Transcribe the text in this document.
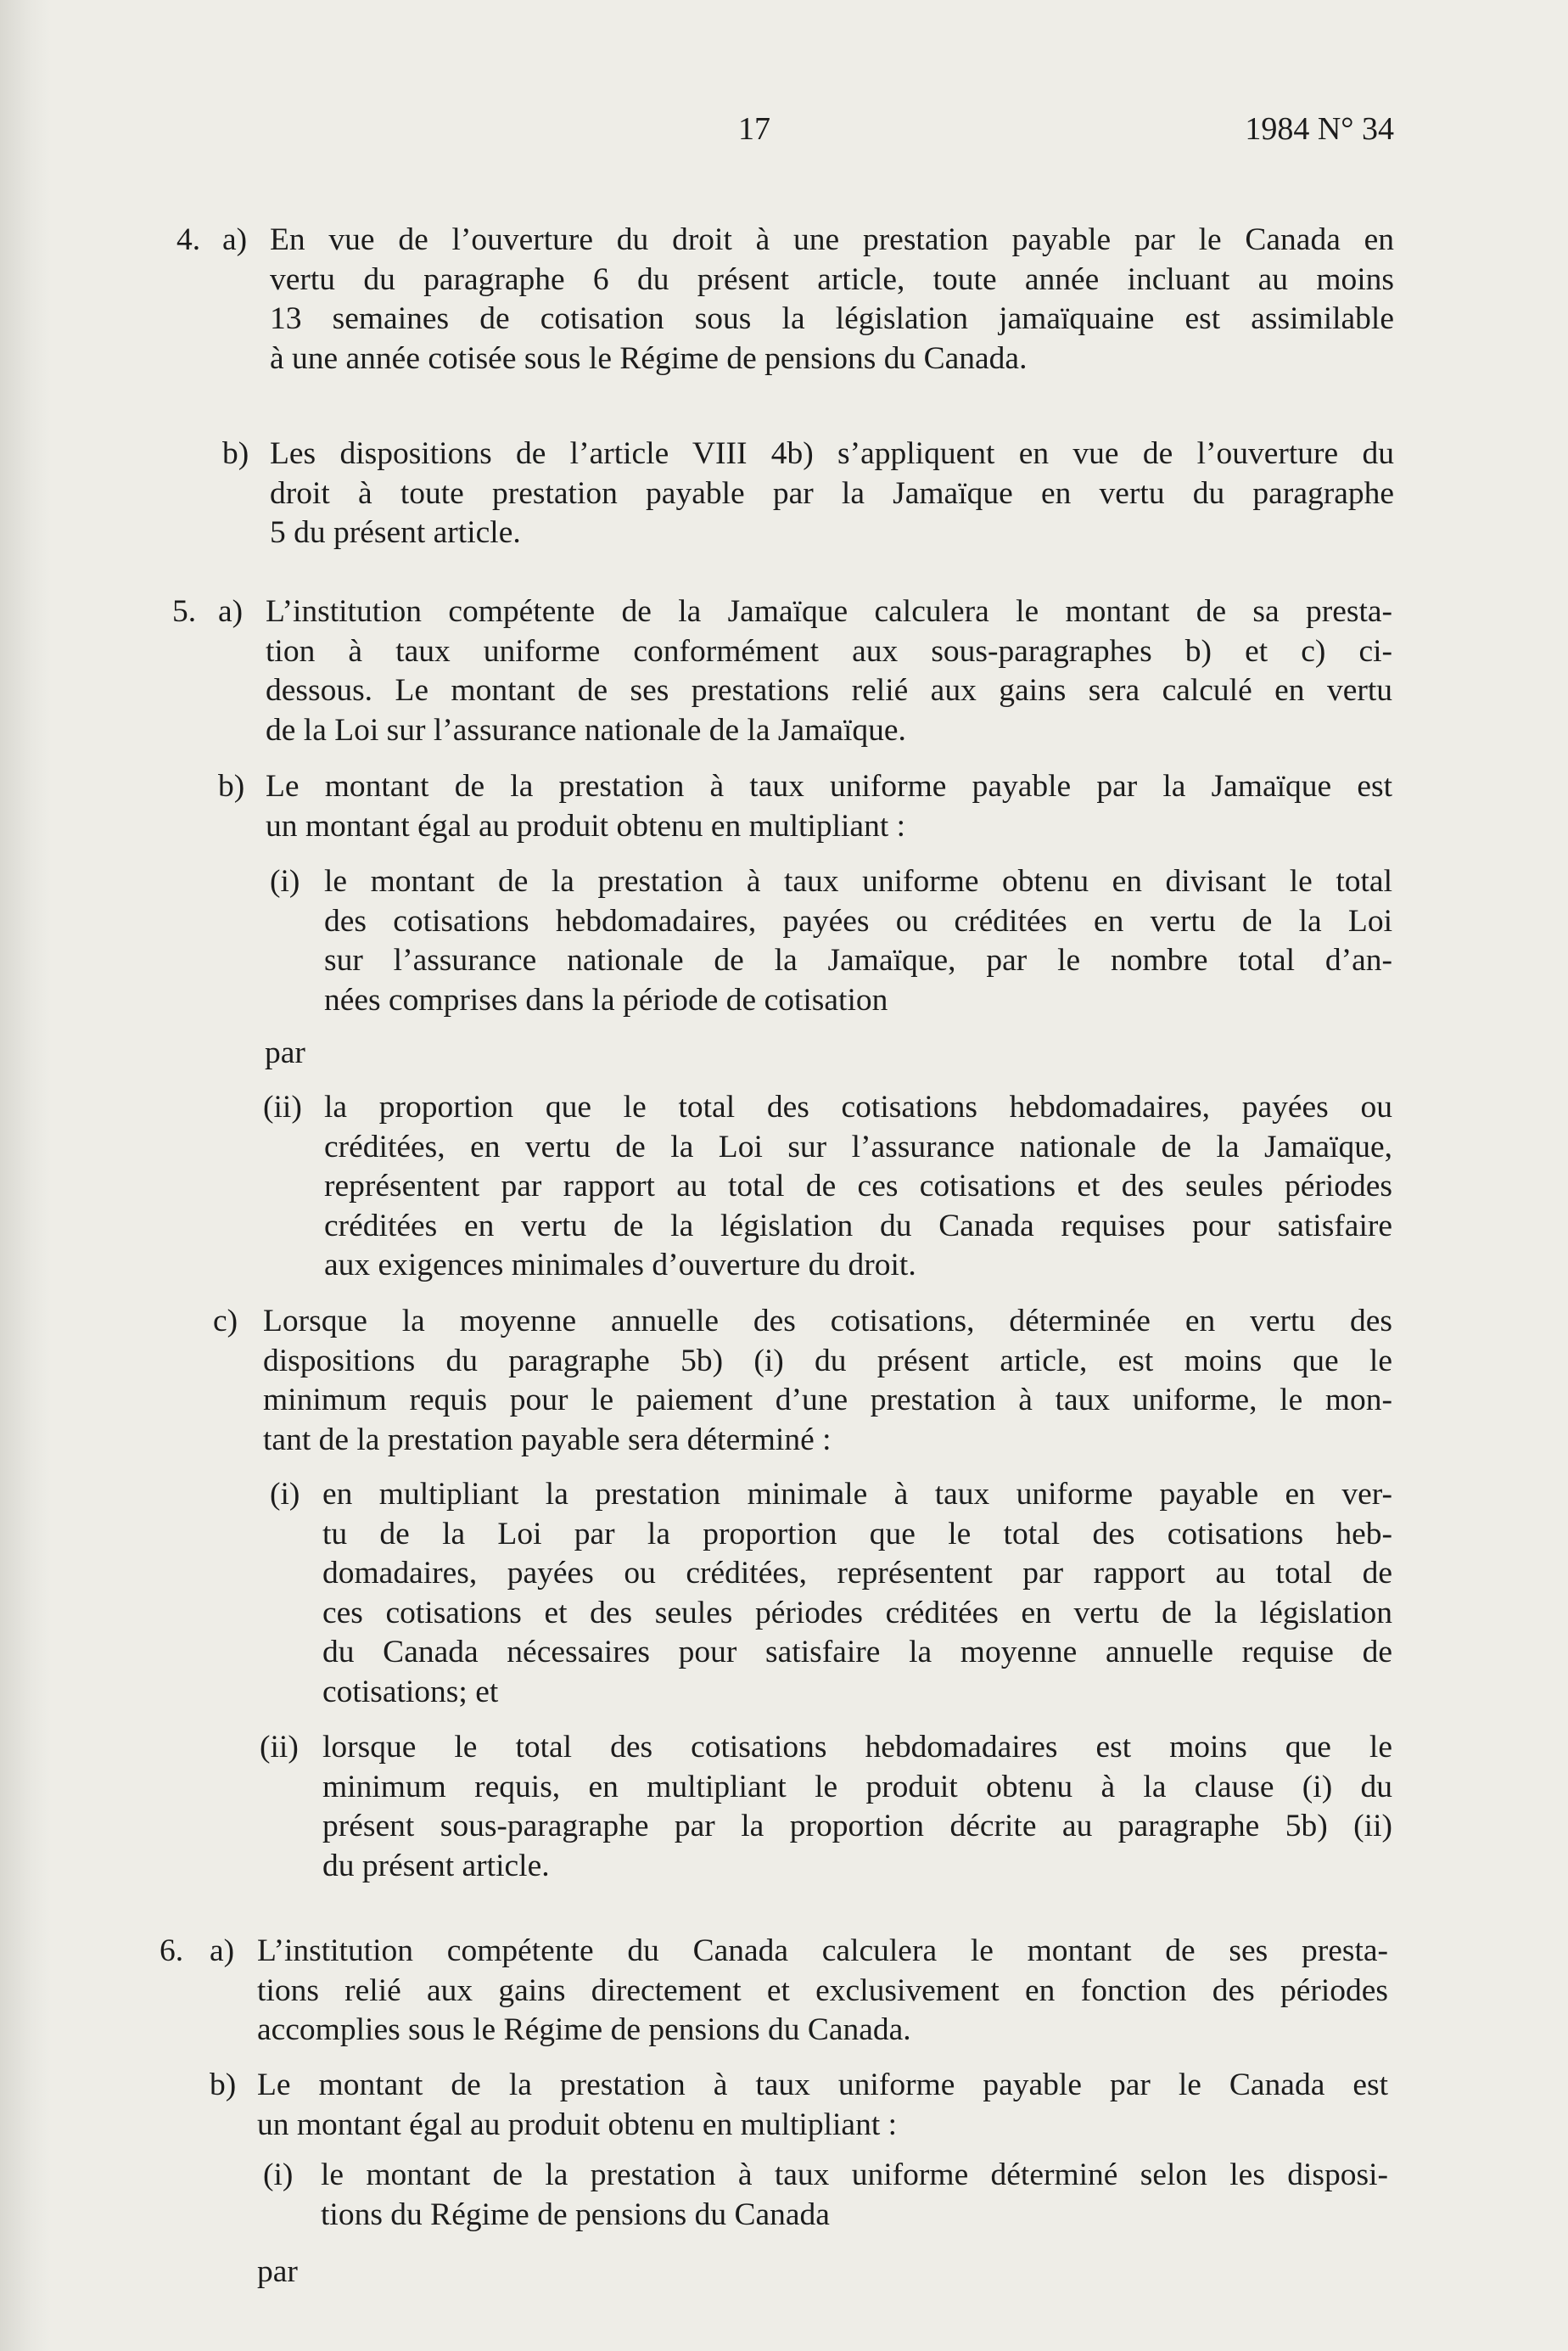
17	1984 N° 34
4. a) En vue de l’ouverture du droit à une prestation payable par le Canada en
vertu du paragraphe 6 du présent article, toute année incluant au moins
13 semaines de cotisation sous la législation jamaïquaine est assimilable
à une année cotisée sous le Régime de pensions du Canada.
b) Les dispositions de l’article VIII 4b) s’appliquent en vue de l’ouverture du
droit à toute prestation payable par la Jamaïque en vertu du paragraphe
5 du présent article.
5. a) L’institution compétente de la Jamaïque calculera le montant de sa presta-
tion à taux uniforme conformément aux sous-paragraphes b) et c) ci-
dessous. Le montant de ses prestations relié aux gains sera calculé en vertu
de la Loi sur l’assurance nationale de la Jamaïque.
b) Le montant de la prestation à taux uniforme payable par la Jamaïque est
un montant égal au produit obtenu en multipliant :
(i) le montant de la prestation à taux uniforme obtenu en divisant le total
des cotisations hebdomadaires, payées ou créditées en vertu de la Loi
sur l’assurance nationale de la Jamaïque, par le nombre total d’an-
nées comprises dans la période de cotisation
par
(ii) la proportion que le total des cotisations hebdomadaires, payées ou
créditées, en vertu de la Loi sur l’assurance nationale de la Jamaïque,
représentent par rapport au total de ces cotisations et des seules périodes
créditées en vertu de la législation du Canada requises pour satisfaire
aux exigences minimales d’ouverture du droit.
c) Lorsque la moyenne annuelle des cotisations, déterminée en vertu des
dispositions du paragraphe 5b) (i) du présent article, est moins que le
minimum requis pour le paiement d’une prestation à taux uniforme, le mon-
tant de la prestation payable sera déterminé :
(i) en multipliant la prestation minimale à taux uniforme payable en ver-
tu de la Loi par la proportion que le total des cotisations heb-
domadaires, payées ou créditées, représentent par rapport au total de
ces cotisations et des seules périodes créditées en vertu de la législation
du Canada nécessaires pour satisfaire la moyenne annuelle requise de
cotisations; et
(ii) lorsque le total des cotisations hebdomadaires est moins que le
minimum requis, en multipliant le produit obtenu à la clause (i) du
présent sous-paragraphe par la proportion décrite au paragraphe 5b) (ii)
du présent article.
6. a) L’institution compétente du Canada calculera le montant de ses presta-
tions relié aux gains directement et exclusivement en fonction des périodes
accomplies sous le Régime de pensions du Canada.
b) Le montant de la prestation à taux uniforme payable par le Canada est
un montant égal au produit obtenu en multipliant :
(i) le montant de la prestation à taux uniforme déterminé selon les disposi-
tions du Régime de pensions du Canada
par
